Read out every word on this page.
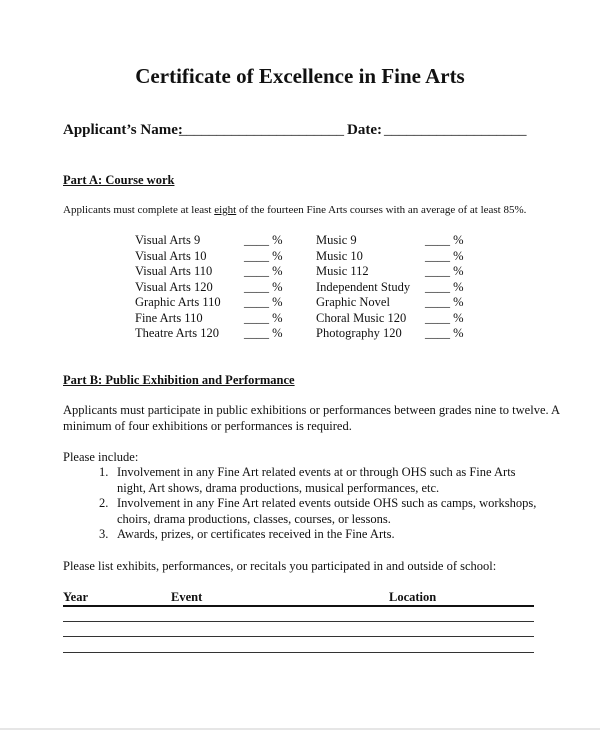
Certificate of Excellence in Fine Arts
Applicant’s Name:
______________________ Date: ___________________
Part A: Course work
Applicants must complete at least eight of the fourteen Fine Arts courses with an average of at least 85%.
Visual Arts 9	____ %
Visual Arts 10	____ %
Visual Arts 110	____ %
Visual Arts 120	____ %
Graphic Arts 110 ____ %
Fine Arts 110	____ %
Theatre Arts 120 ____ %
Music 9	____ %
Music 10	____ %
Music 112	____ %
Independent Study ____ %
Graphic Novel	____ %
Choral Music 120 ____ %
Photography 120 ____ %
Part B: Public Exhibition and Performance
Applicants must participate in public exhibitions or performances between grades nine to twelve. A
minimum of four exhibitions or performances is required.
Please include:
1. Involvement in any Fine Art related events at or through OHS such as Fine Arts
night, Art shows, drama productions, musical performances, etc.
2. Involvement in any Fine Art related events outside OHS such as camps, workshops,
choirs, drama productions, classes, courses, or lessons.
3. Awards, prizes, or certificates received in the Fine Arts.
Please list exhibits, performances, or recitals you participated in and outside of school:
Year	Event	Location
